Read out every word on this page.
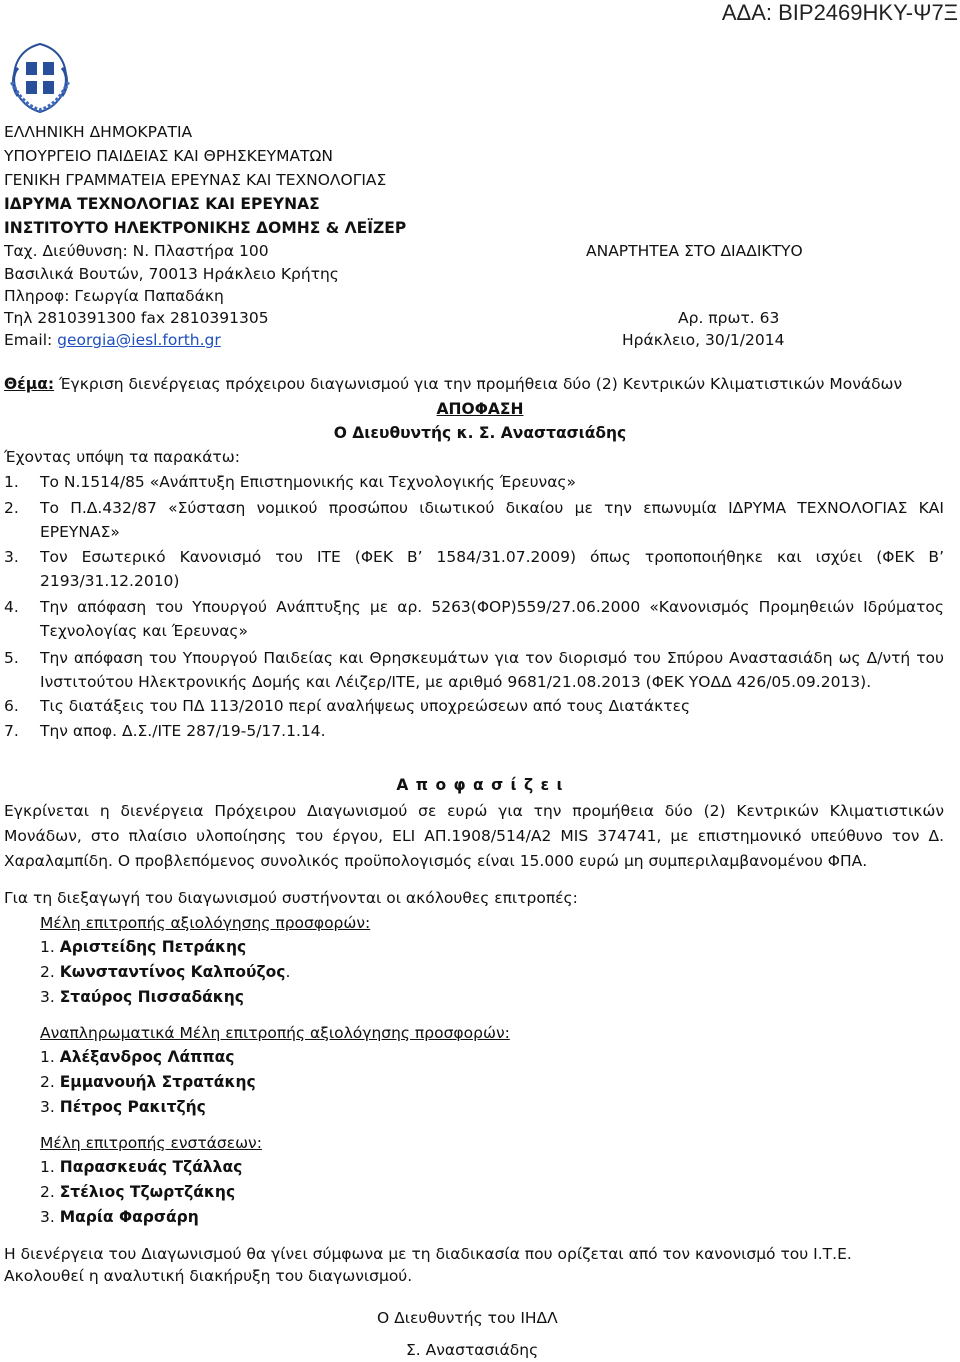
ΑΔΑ: ΒΙΡ2469ΗΚΥ-Ψ7Ξ
ΕΛΛΗΝΙΚΗ ΔΗΜΟΚΡΑΤΙΑ
ΥΠΟΥΡΓΕΙΟ ΠΑΙΔΕΙΑΣ ΚΑΙ ΘΡΗΣΚΕΥΜΑΤΩΝ
ΓΕΝΙΚΗ ΓΡΑΜΜΑΤΕΙΑ ΕΡΕΥΝΑΣ ΚΑΙ ΤΕΧΝΟΛΟΓΙΑΣ
ΙΔΡΥΜΑ ΤΕΧΝΟΛΟΓΙΑΣ ΚΑΙ ΕΡΕΥΝΑΣ
ΙΝΣΤΙΤΟΥΤΟ ΗΛΕΚΤΡΟΝΙΚΗΣ ΔΟΜΗΣ & ΛΕΪΖΕΡ
Ταχ. Διεύθυνση: Ν. Πλαστήρα 100
Βασιλικά Βουτών, 70013 Ηράκλειο Κρήτης
Πληροφ: Γεωργία Παπαδάκη
Τηλ 2810391300 fax 2810391305
Email: georgia@iesl.forth.gr
ΑΝΑΡΤΗΤΕΑ ΣΤΟ ΔΙΑΔΙΚΤΥΟ
Αρ. πρωτ. 63
Ηράκλειο, 30/1/2014
Θέμα: Έγκριση διενέργειας πρόχειρου διαγωνισμού για την προμήθεια δύο (2) Κεντρικών Κλιματιστικών Μονάδων
ΑΠΟΦΑΣΗ
Ο Διευθυντής κ. Σ. Αναστασιάδης
Έχοντας υπόψη τα παρακάτω:
1. Το Ν.1514/85 «Ανάπτυξη Επιστημονικής και Τεχνολογικής Έρευνας»
2. Το Π.Δ.432/87 «Σύσταση νομικού προσώπου ιδιωτικού δικαίου με την επωνυμία ΙΔΡΥΜΑ ΤΕΧΝΟΛΟΓΙΑΣ ΚΑΙ ΕΡΕΥΝΑΣ»
3. Τον Εσωτερικό Κανονισμό του ΙΤΕ (ΦΕΚ Β’ 1584/31.07.2009) όπως τροποποιήθηκε και ισχύει (ΦΕΚ Β’ 2193/31.12.2010)
4. Την απόφαση του Υπουργού Ανάπτυξης με αρ. 5263(ΦΟΡ)559/27.06.2000 «Κανονισμός Προμηθειών Ιδρύματος Τεχνολογίας και Έρευνας»
5. Την απόφαση του Υπουργού Παιδείας και Θρησκευμάτων για τον διορισμό του Σπύρου Αναστασιάδη ως Δ/ντή του Ινστιτούτου Ηλεκτρονικής Δομής και Λέιζερ/ΙΤΕ, με αριθμό 9681/21.08.2013 (ΦΕΚ ΥΟΔΔ 426/05.09.2013).
6. Τις διατάξεις του ΠΔ 113/2010 περί αναλήψεως υποχρεώσεων από τους Διατάκτες
7. Την αποφ. Δ.Σ./ΙΤΕ 287/19-5/17.1.14.
Α π ο φ α σ ί ζ ε ι
Εγκρίνεται η διενέργεια Πρόχειρου Διαγωνισμού σε ευρώ για την προμήθεια δύο (2) Κεντρικών Κλιματιστικών Μονάδων, στο πλαίσιο υλοποίησης του έργου, ELI ΑΠ.1908/514/Α2 MIS 374741, με επιστημονικό υπεύθυνο τον Δ. Χαραλαμπίδη. Ο προβλεπόμενος συνολικός προϋπολογισμός είναι 15.000 ευρώ μη συμπεριλαμβανομένου ΦΠΑ.
Για τη διεξαγωγή του διαγωνισμού συστήνονται οι ακόλουθες επιτροπές:
Μέλη επιτροπής αξιολόγησης προσφορών:
1. Αριστείδης Πετράκης
2. Κωνσταντίνος Καλπούζος.
3. Σταύρος Πισσαδάκης
Αναπληρωματικά Μέλη επιτροπής αξιολόγησης προσφορών:
1. Αλέξανδρος Λάππας
2. Εμμανουήλ Στρατάκης
3. Πέτρος Ρακιτζής
Μέλη επιτροπής ενστάσεων:
1. Παρασκευάς Τζάλλας
2. Στέλιος Τζωρτζάκης
3. Μαρία Φαρσάρη
Η διενέργεια του Διαγωνισμού θα γίνει σύμφωνα με τη διαδικασία που ορίζεται από τον κανονισμό του Ι.Τ.Ε.
Ακολουθεί η αναλυτική διακήρυξη του διαγωνισμού.
Ο Διευθυντής του ΙΗΔΛ
Σ. Αναστασιάδης
